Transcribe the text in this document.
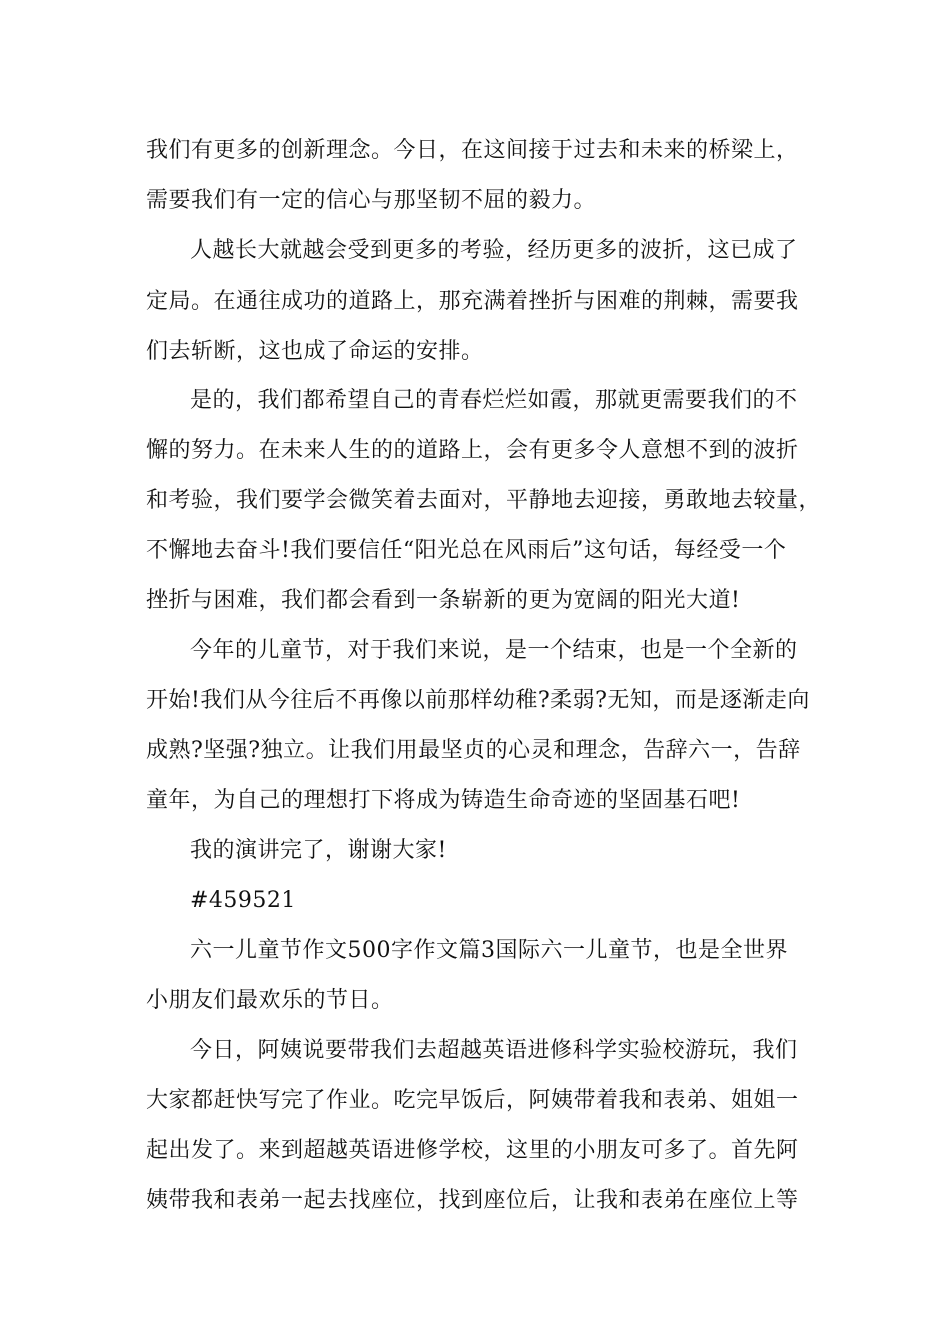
我们有更多的创新理念。今日，在这间接于过去和未来的桥梁上，
需要我们有一定的信心与那坚韧不屈的毅力。
人越长大就越会受到更多的考验，经历更多的波折，这已成了
定局。在通往成功的道路上，那充满着挫折与困难的荆棘，需要我
们去斩断，这也成了命运的安排。
是的，我们都希望自己的青春烂烂如霞，那就更需要我们的不
懈的努力。在未来人生的的道路上，会有更多令人意想不到的波折
和考验，我们要学会微笑着去面对，平静地去迎接，勇敢地去较量，
不懈地去奋斗!我们要信任“阳光总在风雨后”这句话，每经受一个
挫折与困难，我们都会看到一条崭新的更为宽阔的阳光大道!
今年的儿童节，对于我们来说，是一个结束，也是一个全新的
开始!我们从今往后不再像以前那样幼稚?柔弱?无知，而是逐渐走向
成熟?坚强?独立。让我们用最坚贞的心灵和理念，告辞六一，告辞
童年，为自己的理想打下将成为铸造生命奇迹的坚固基石吧!
我的演讲完了，谢谢大家!
#459521
六一儿童节作文500字作文篇3国际六一儿童节，也是全世界
小朋友们最欢乐的节日。
今日，阿姨说要带我们去超越英语进修科学实验校游玩，我们
大家都赶快写完了作业。吃完早饭后，阿姨带着我和表弟、姐姐一
起出发了。来到超越英语进修学校，这里的小朋友可多了。首先阿
姨带我和表弟一起去找座位，找到座位后，让我和表弟在座位上等
